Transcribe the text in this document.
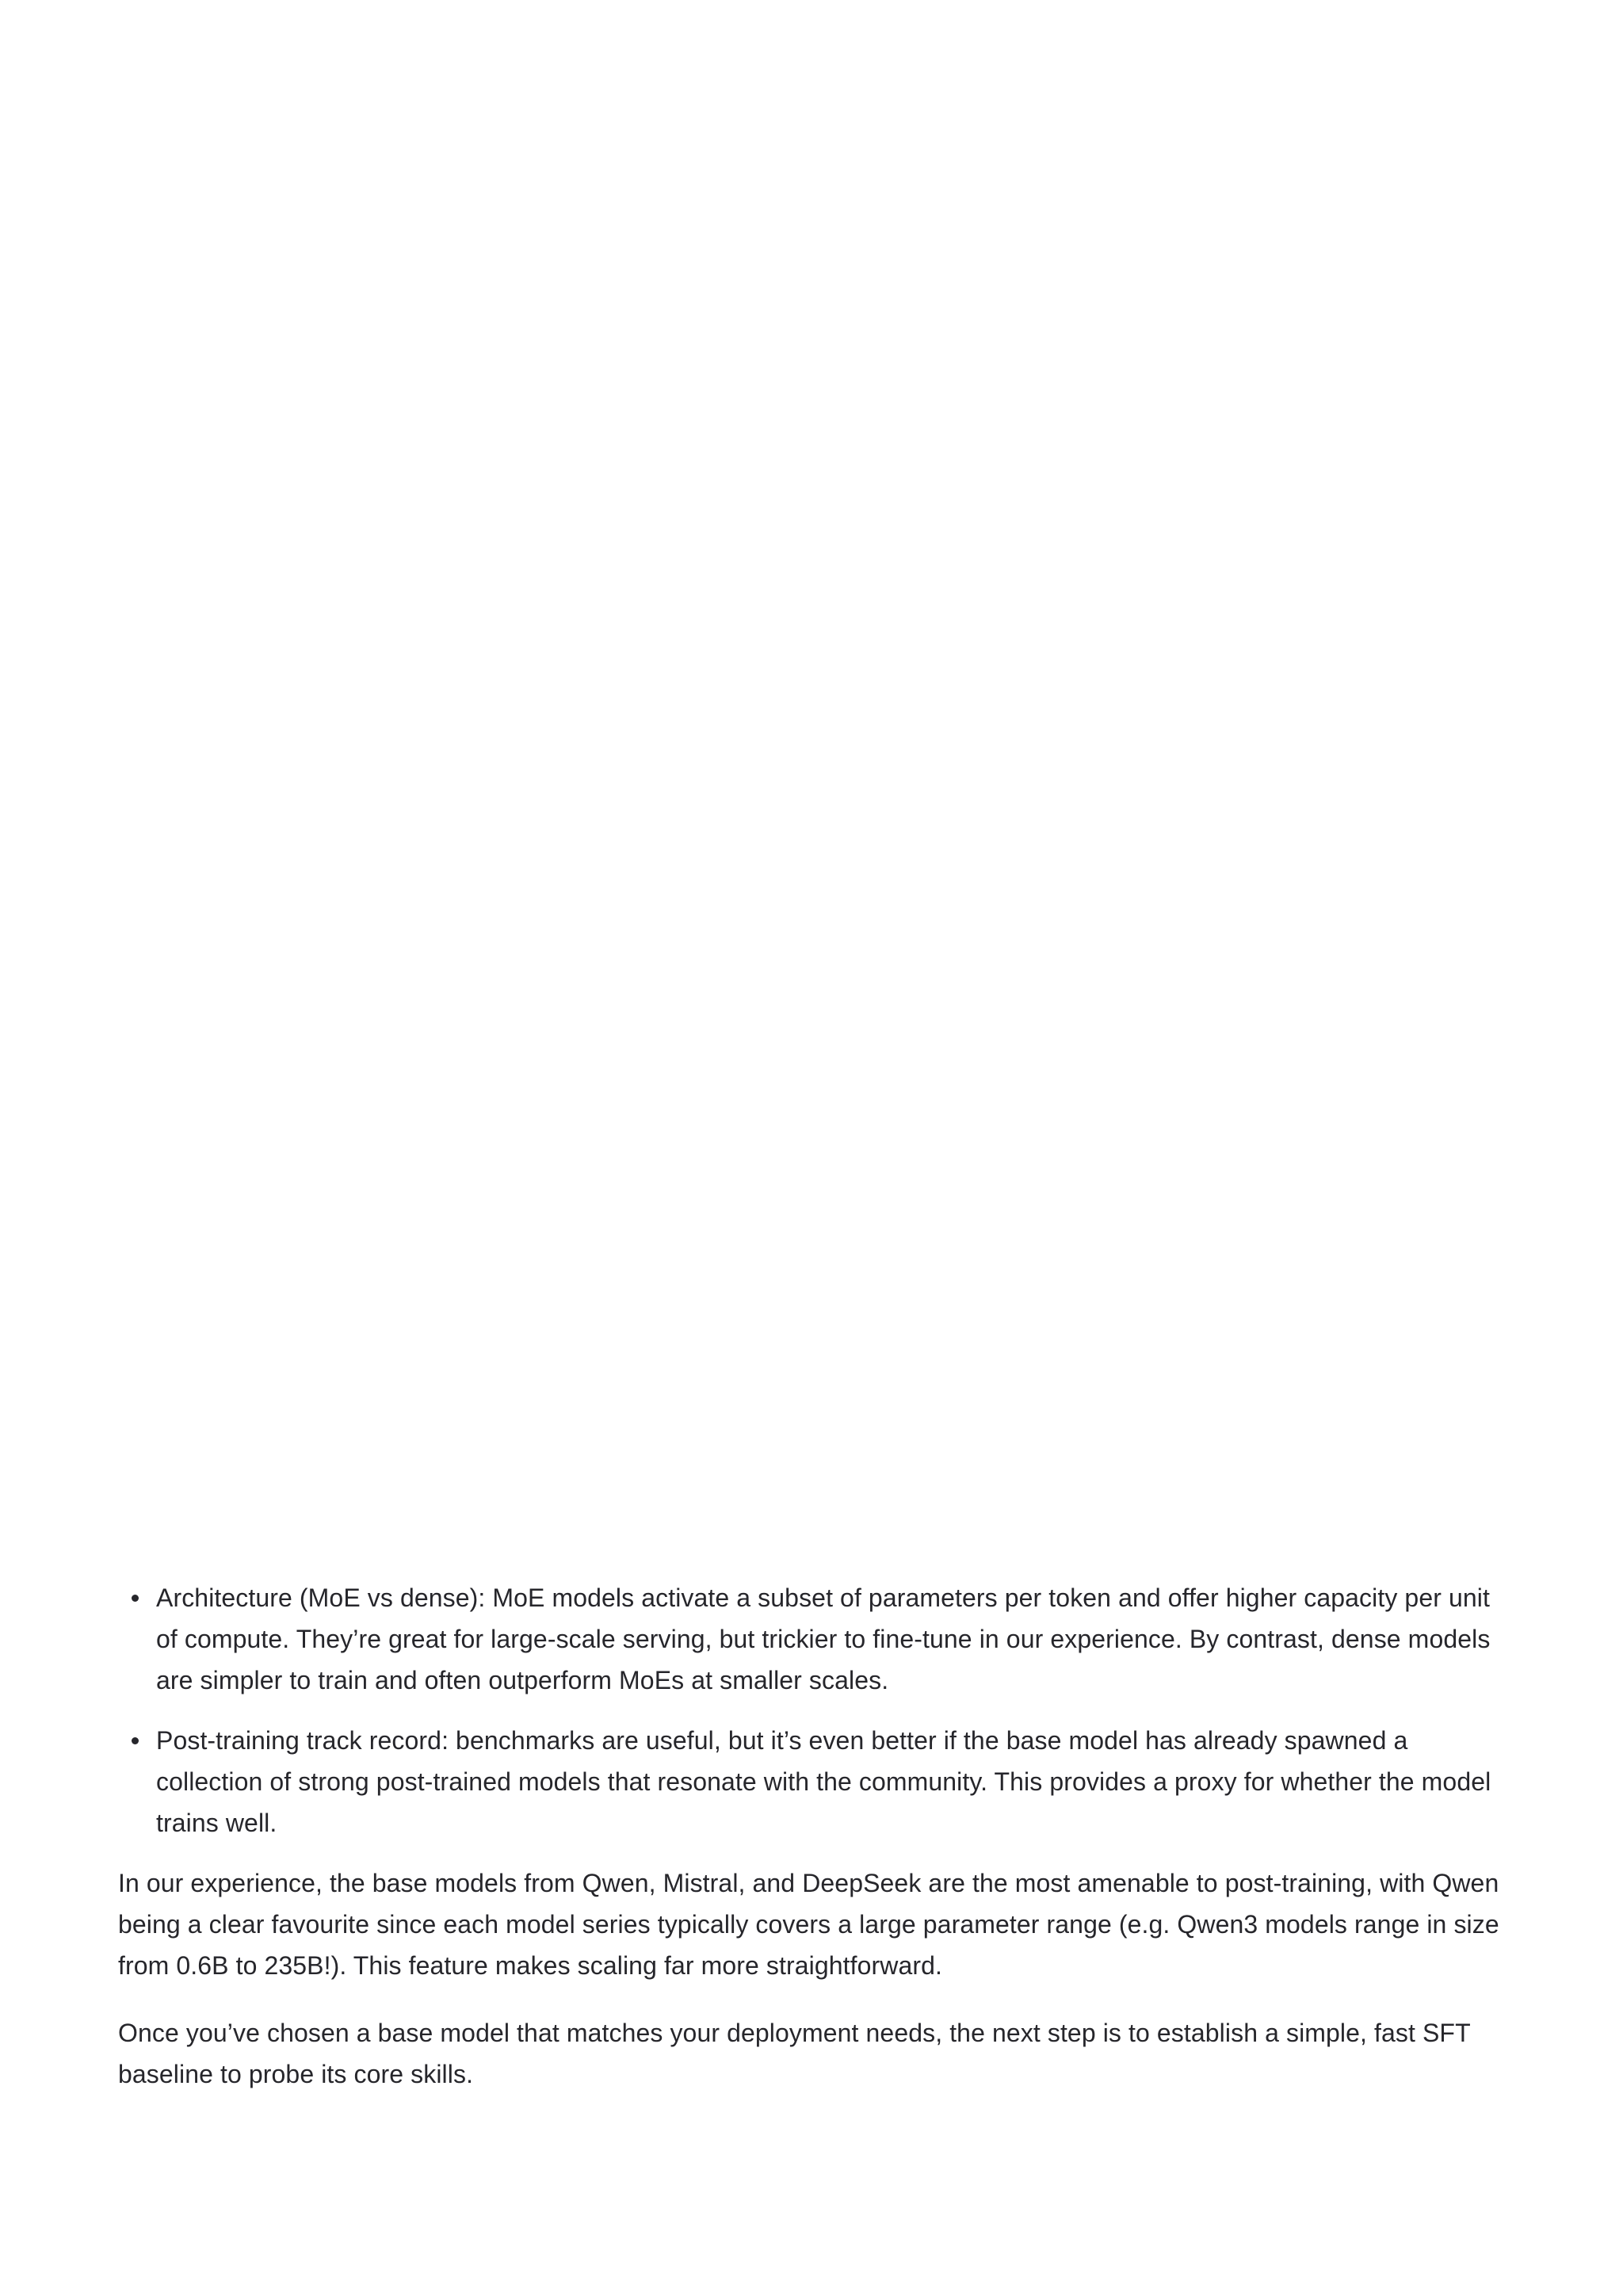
Architecture (MoE vs dense): MoE models activate a subset of parameters per token and offer higher capacity per unit of compute. They’re great for large-scale serving, but trickier to fine-tune in our experience. By contrast, dense models are simpler to train and often outperform MoEs at smaller scales.
Post-training track record: benchmarks are useful, but it’s even better if the base model has already spawned a collection of strong post-trained models that resonate with the community. This provides a proxy for whether the model trains well.

In our experience, the base models from Qwen, Mistral, and DeepSeek are the most amenable to post-training, with Qwen being a clear favourite since each model series typically covers a large parameter range (e.g. Qwen3 models range in size from 0.6B to 235B!). This feature makes scaling far more straightforward.

Once you’ve chosen a base model that matches your deployment needs, the next step is to establish a simple, fast SFT baseline to probe its core skills.
